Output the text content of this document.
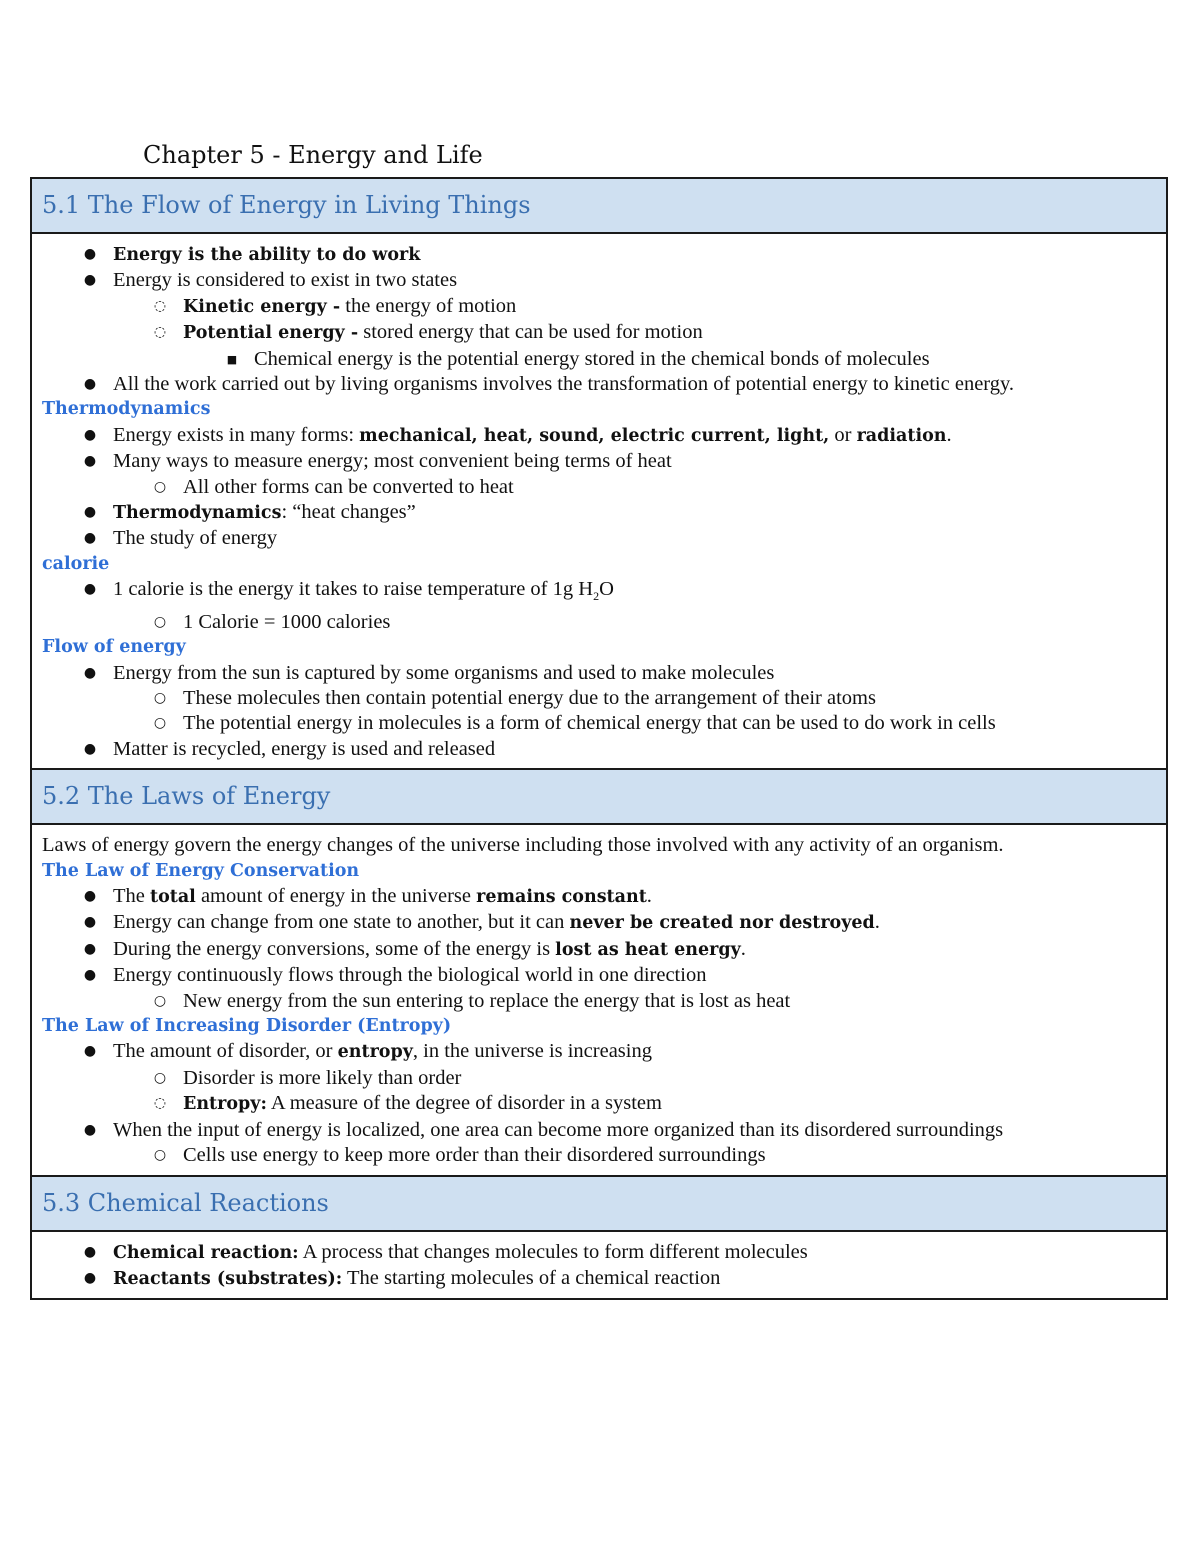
Chapter 5 - Energy and Life
5.1 The Flow of Energy in Living Things
● Energy is the ability to do work
● Energy is considered to exist in two states
◌ Kinetic energy - the energy of motion
◌ Potential energy - stored energy that can be used for motion
■ Chemical energy is the potential energy stored in the chemical bonds of molecules
● All the work carried out by living organisms involves the transformation of potential energy to kinetic energy.
Thermodynamics
● Energy exists in many forms: mechanical, heat, sound, electric current, light, or radiation.
● Many ways to measure energy; most convenient being terms of heat
○ All other forms can be converted to heat
● Thermodynamics: “heat changes”
● The study of energy
calorie
● 1 calorie is the energy it takes to raise temperature of 1g $H_2O$
○ 1 Calorie = 1000 calories
Flow of energy
● Energy from the sun is captured by some organisms and used to make molecules
○ These molecules then contain potential energy due to the arrangement of their atoms
○ The potential energy in molecules is a form of chemical energy that can be used to do work in cells
● Matter is recycled, energy is used and released
5.2 The Laws of Energy
Laws of energy govern the energy changes of the universe including those involved with any activity of an organism.
The Law of Energy Conservation
● The total amount of energy in the universe remains constant.
● Energy can change from one state to another, but it can never be created nor destroyed.
● During the energy conversions, some of the energy is lost as heat energy.
● Energy continuously flows through the biological world in one direction
○ New energy from the sun entering to replace the energy that is lost as heat
The Law of Increasing Disorder (Entropy)
● The amount of disorder, or entropy, in the universe is increasing
○ Disorder is more likely than order
◌ Entropy: A measure of the degree of disorder in a system
● When the input of energy is localized, one area can become more organized than its disordered surroundings
○ Cells use energy to keep more order than their disordered surroundings
5.3 Chemical Reactions
● Chemical reaction: A process that changes molecules to form different molecules
● Reactants (substrates): The starting molecules of a chemical reaction
